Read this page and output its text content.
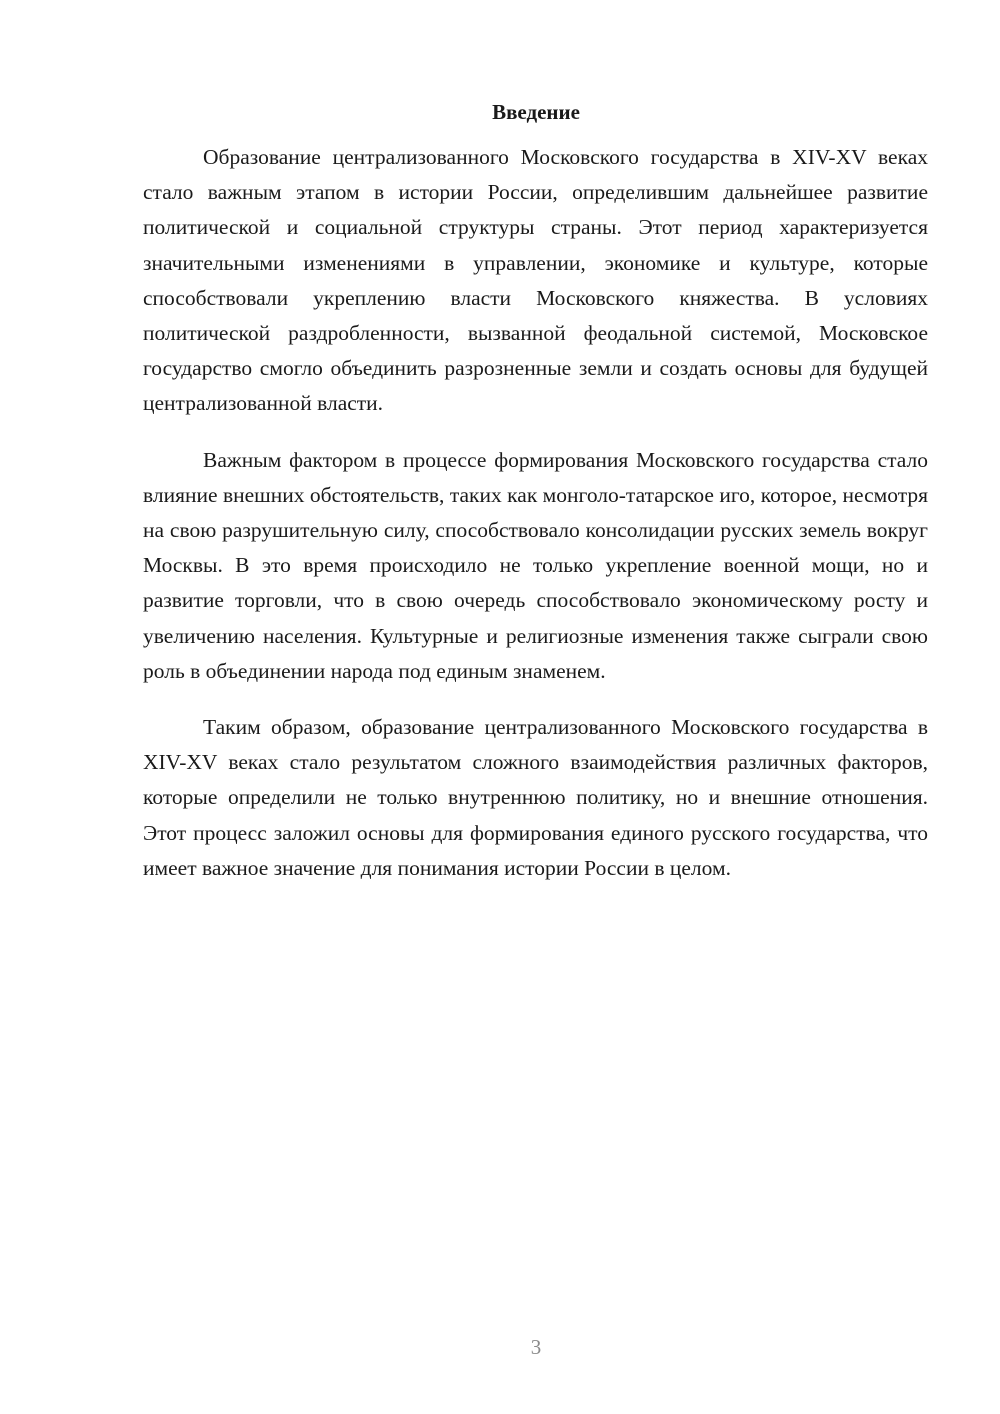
Введение

Образование централизованного Московского государства в XIV-XV веках стало важным этапом в истории России, определившим дальнейшее развитие политической и социальной структуры страны. Этот период характеризуется значительными изменениями в управлении, экономике и культуре, которые способствовали укреплению власти Московского княжества. В условиях политической раздробленности, вызванной феодальной системой, Московское государство смогло объединить разрозненные земли и создать основы для будущей централизованной власти.

Важным фактором в процессе формирования Московского государства стало влияние внешних обстоятельств, таких как монголо-татарское иго, которое, несмотря на свою разрушительную силу, способствовало консолидации русских земель вокруг Москвы. В это время происходило не только укрепление военной мощи, но и развитие торговли, что в свою очередь способствовало экономическому росту и увеличению населения. Культурные и религиозные изменения также сыграли свою роль в объединении народа под единым знаменем.

Таким образом, образование централизованного Московского государства в XIV-XV веках стало результатом сложного взаимодействия различных факторов, которые определили не только внутреннюю политику, но и внешние отношения. Этот процесс заложил основы для формирования единого русского государства, что имеет важное значение для понимания истории России в целом.

3
